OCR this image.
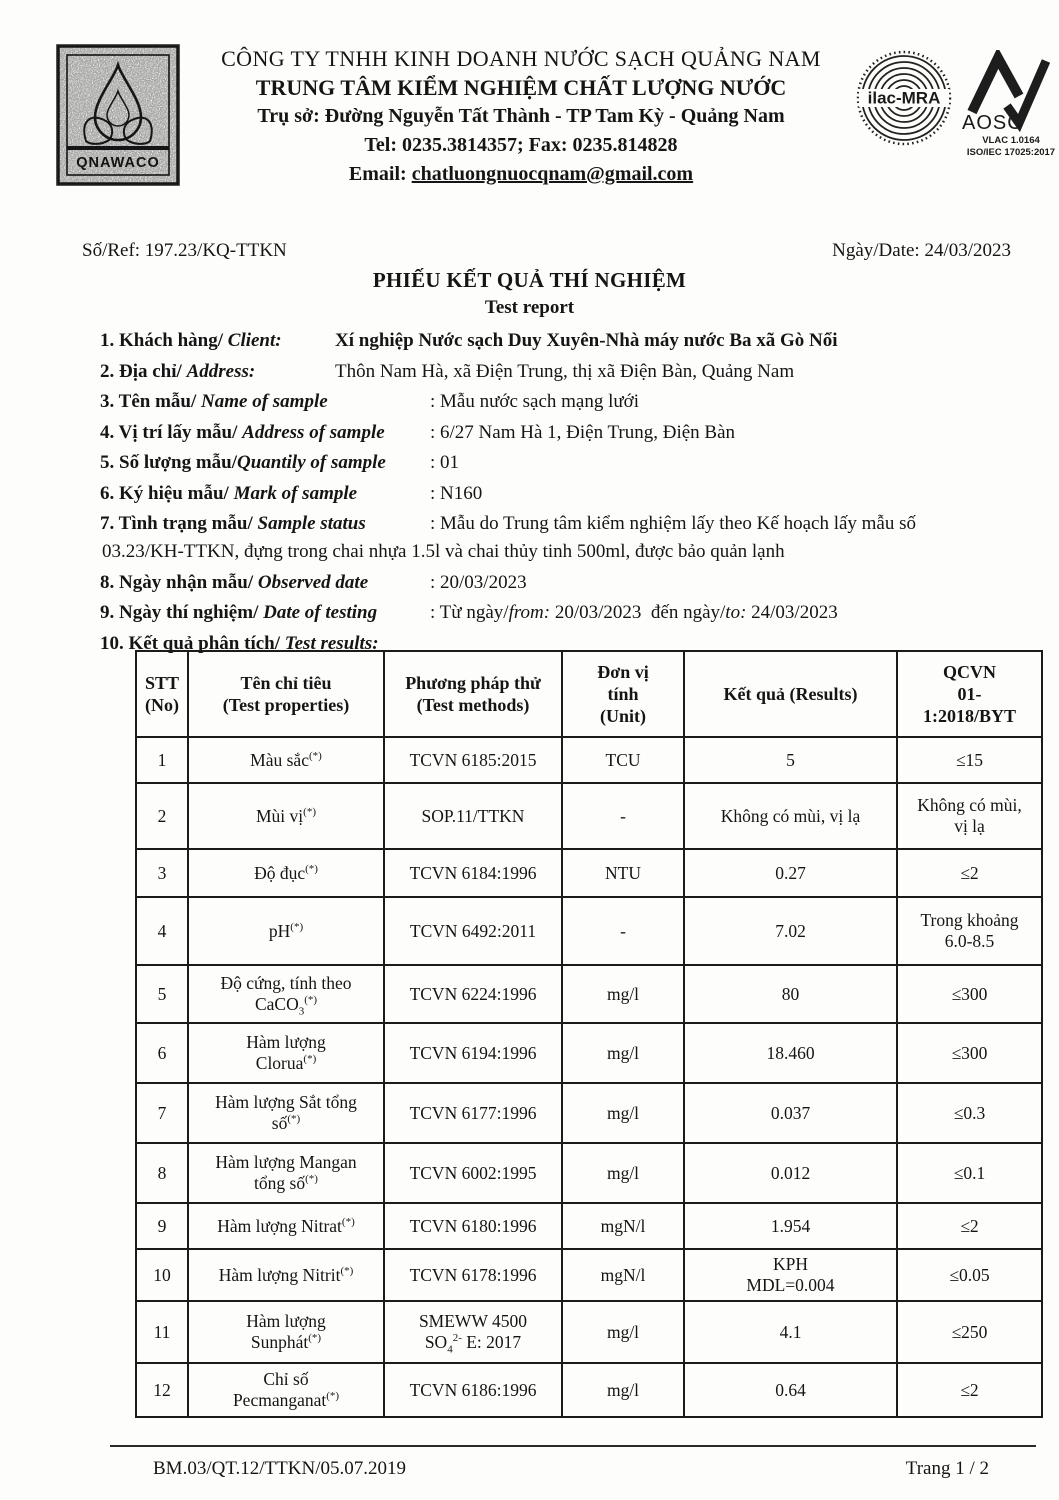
QNAWACO
CÔNG TY TNHH KINH DOANH NƯỚC SẠCH QUẢNG NAM
TRUNG TÂM KIỂM NGHIỆM CHẤT LƯỢNG NƯỚC
Trụ sở: Đường Nguyễn Tất Thành - TP Tam Kỳ - Quảng Nam
Tel: 0235.3814357; Fax: 0235.814828
Email: chatluongnuocqnam@gmail.com
ilac-MRA
AOSC
VLAC 1.0164
ISO/IEC 17025:2017
Số/Ref: 197.23/KQ-TTKN	Ngày/Date: 24/03/2023
PHIẾU KẾT QUẢ THÍ NGHIỆM
Test report
1. Khách hàng/ Client:	Xí nghiệp Nước sạch Duy Xuyên-Nhà máy nước Ba xã Gò Nổi
2. Địa chỉ/ Address:	Thôn Nam Hà, xã Điện Trung, thị xã Điện Bàn, Quảng Nam
3. Tên mẫu/ Name of sample	: Mẫu nước sạch mạng lưới
4. Vị trí lấy mẫu/ Address of sample	: 6/27 Nam Hà 1, Điện Trung, Điện Bàn
5. Số lượng mẫu/Quantily of sample	: 01
6. Ký hiệu mẫu/ Mark of sample	: N160
7. Tình trạng mẫu/ Sample status	: Mẫu do Trung tâm kiểm nghiệm lấy theo Kế hoạch lấy mẫu số
03.23/KH-TTKN, đựng trong chai nhựa 1.5l và chai thủy tinh 500ml, được bảo quản lạnh
8. Ngày nhận mẫu/ Observed date	: 20/03/2023
9. Ngày thí nghiệm/ Date of testing	: Từ ngày/from: 20/03/2023  đến ngày/to: 24/03/2023
10. Kết quả phân tích/ Test results:
STT
(No)	Tên chỉ tiêu
(Test properties)	Phương pháp thử
(Test methods)	Đơn vị
tính
(Unit)	Kết quả (Results)	QCVN
01-
1:2018/BYT
1	Màu sắc(*)	TCVN 6185:2015	TCU	5	≤15
2	Mùi vị(*)	SOP.11/TTKN	-	Không có mùi, vị lạ	Không có mùi,
vị lạ
3	Độ đục(*)	TCVN 6184:1996	NTU	0.27	≤2
4	pH(*)	TCVN 6492:2011	-	7.02	Trong khoảng
6.0-8.5
5	Độ cứng, tính theo
CaCO$_3$(*)	TCVN 6224:1996	mg/l	80	≤300
6	Hàm lượng
Clorua(*)	TCVN 6194:1996	mg/l	18.460	≤300
7	Hàm lượng Sắt tổng
số(*)	TCVN 6177:1996	mg/l	0.037	≤0.3
8	Hàm lượng Mangan
tổng số(*)	TCVN 6002:1995	mg/l	0.012	≤0.1
9	Hàm lượng Nitrat(*)	TCVN 6180:1996	mgN/l	1.954	≤2
10	Hàm lượng Nitrit(*)	TCVN 6178:1996	mgN/l	KPH
MDL=0.004	≤0.05
11	Hàm lượng
Sunphát(*)	SMEWW 4500
$SO_4^{2-}$ E: 2017	mg/l	4.1	≤250
12	Chỉ số
Pecmanganat(*)	TCVN 6186:1996	mg/l	0.64	≤2
BM.03/QT.12/TTKN/05.07.2019	Trang 1 / 2
